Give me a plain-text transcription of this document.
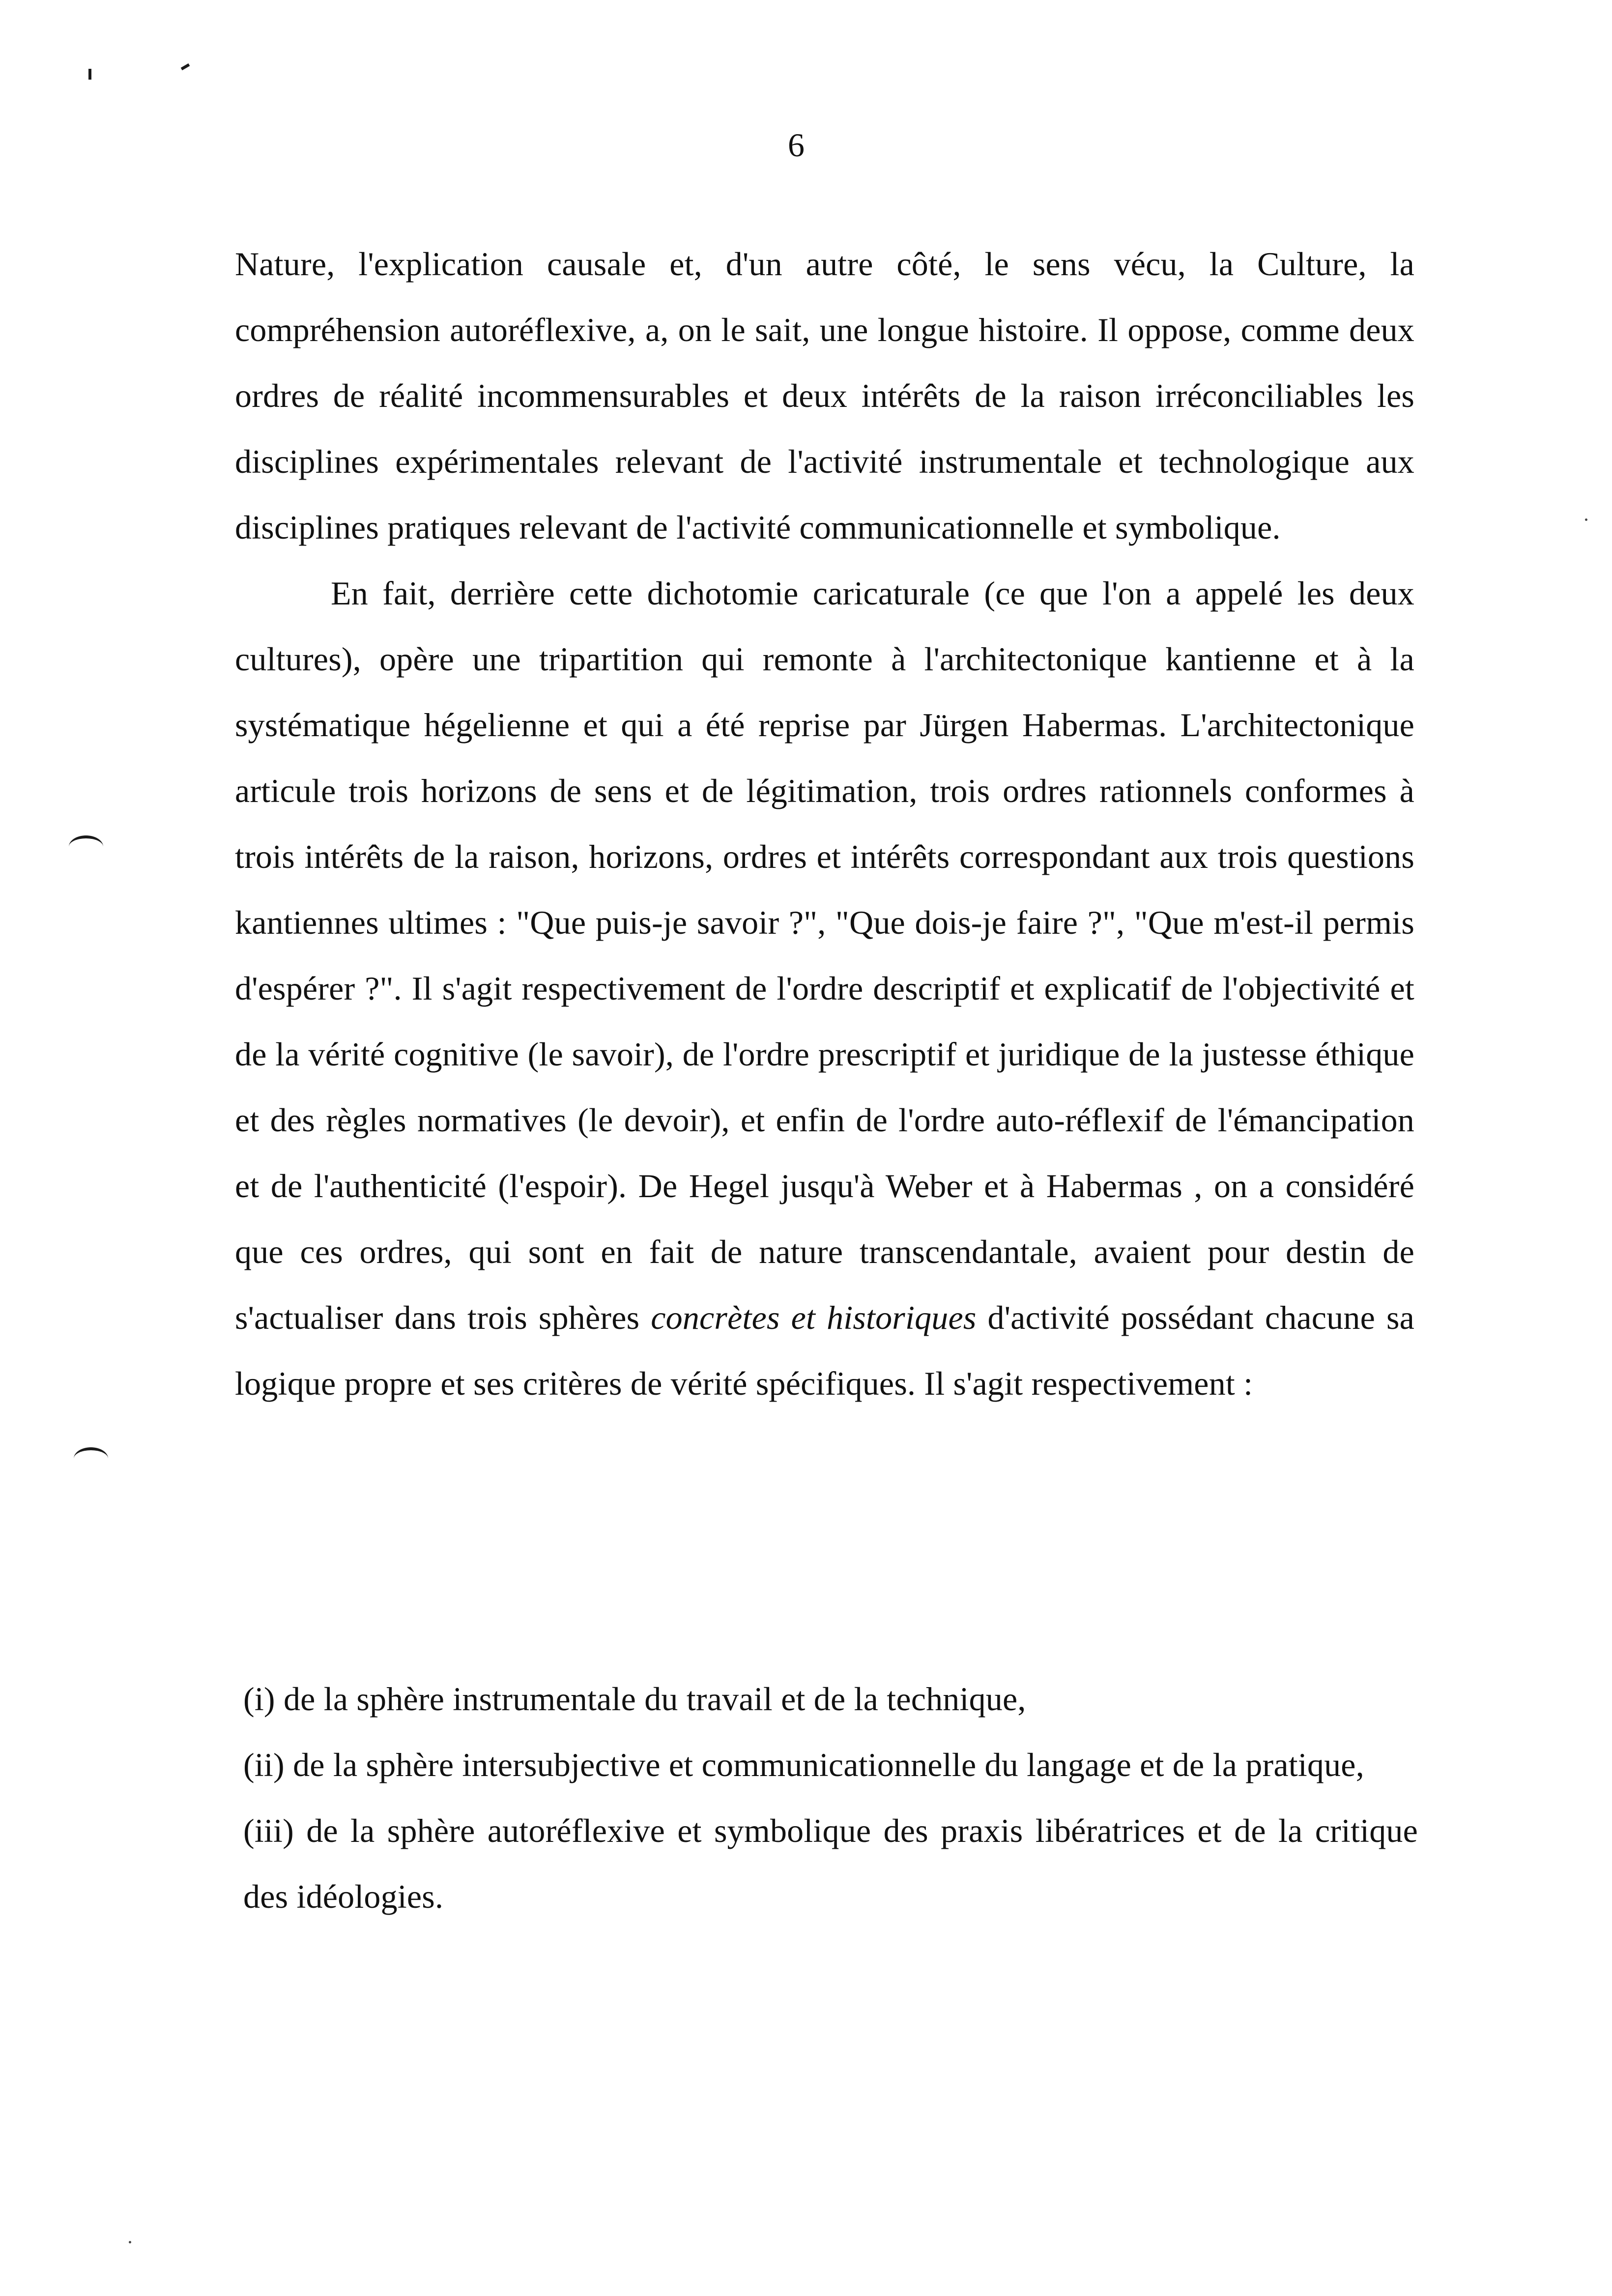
6

Nature, l'explication causale et, d'un autre côté, le sens vécu, la Culture, la compréhension autoréflexive, a, on le sait, une longue histoire. Il oppose, comme deux ordres de réalité incommensurables et deux intérêts de la raison irréconciliables les disciplines expérimentales relevant de l'activité instrumentale et technologique aux disciplines pratiques relevant de l'activité communicationnelle et symbolique.

En fait, derrière cette dichotomie caricaturale (ce que l'on a appelé les deux cultures), opère une tripartition qui remonte à l'architectonique kantienne et à la systématique hégelienne et qui a été reprise par Jürgen Habermas. L'architectonique articule trois horizons de sens et de légitimation, trois ordres rationnels conformes à trois intérêts de la raison, horizons, ordres et intérêts correspondant aux trois questions kantiennes ultimes : "Que puis-je savoir ?", "Que dois-je faire ?", "Que m'est-il permis d'espérer ?". Il s'agit respectivement de l'ordre descriptif et explicatif de l'objectivité et de la vérité cognitive (le savoir), de l'ordre prescriptif et juridique de la justesse éthique et des règles normatives (le devoir), et enfin de l'ordre auto-réflexif de l'émancipation et de l'authenticité (l'espoir). De Hegel jusqu'à Weber et à Habermas , on a considéré que ces ordres, qui sont en fait de nature transcendantale, avaient pour destin de s'actualiser dans trois sphères concrètes et historiques d'activité possédant chacune sa logique propre et ses critères de vérité spécifiques. Il s'agit respectivement :

(i) de la sphère instrumentale du travail et de la technique,

(ii) de la sphère intersubjective et communicationnelle du langage et de la pratique,

(iii) de la sphère autoréflexive et symbolique des praxis libératrices et de la critique des idéologies.
